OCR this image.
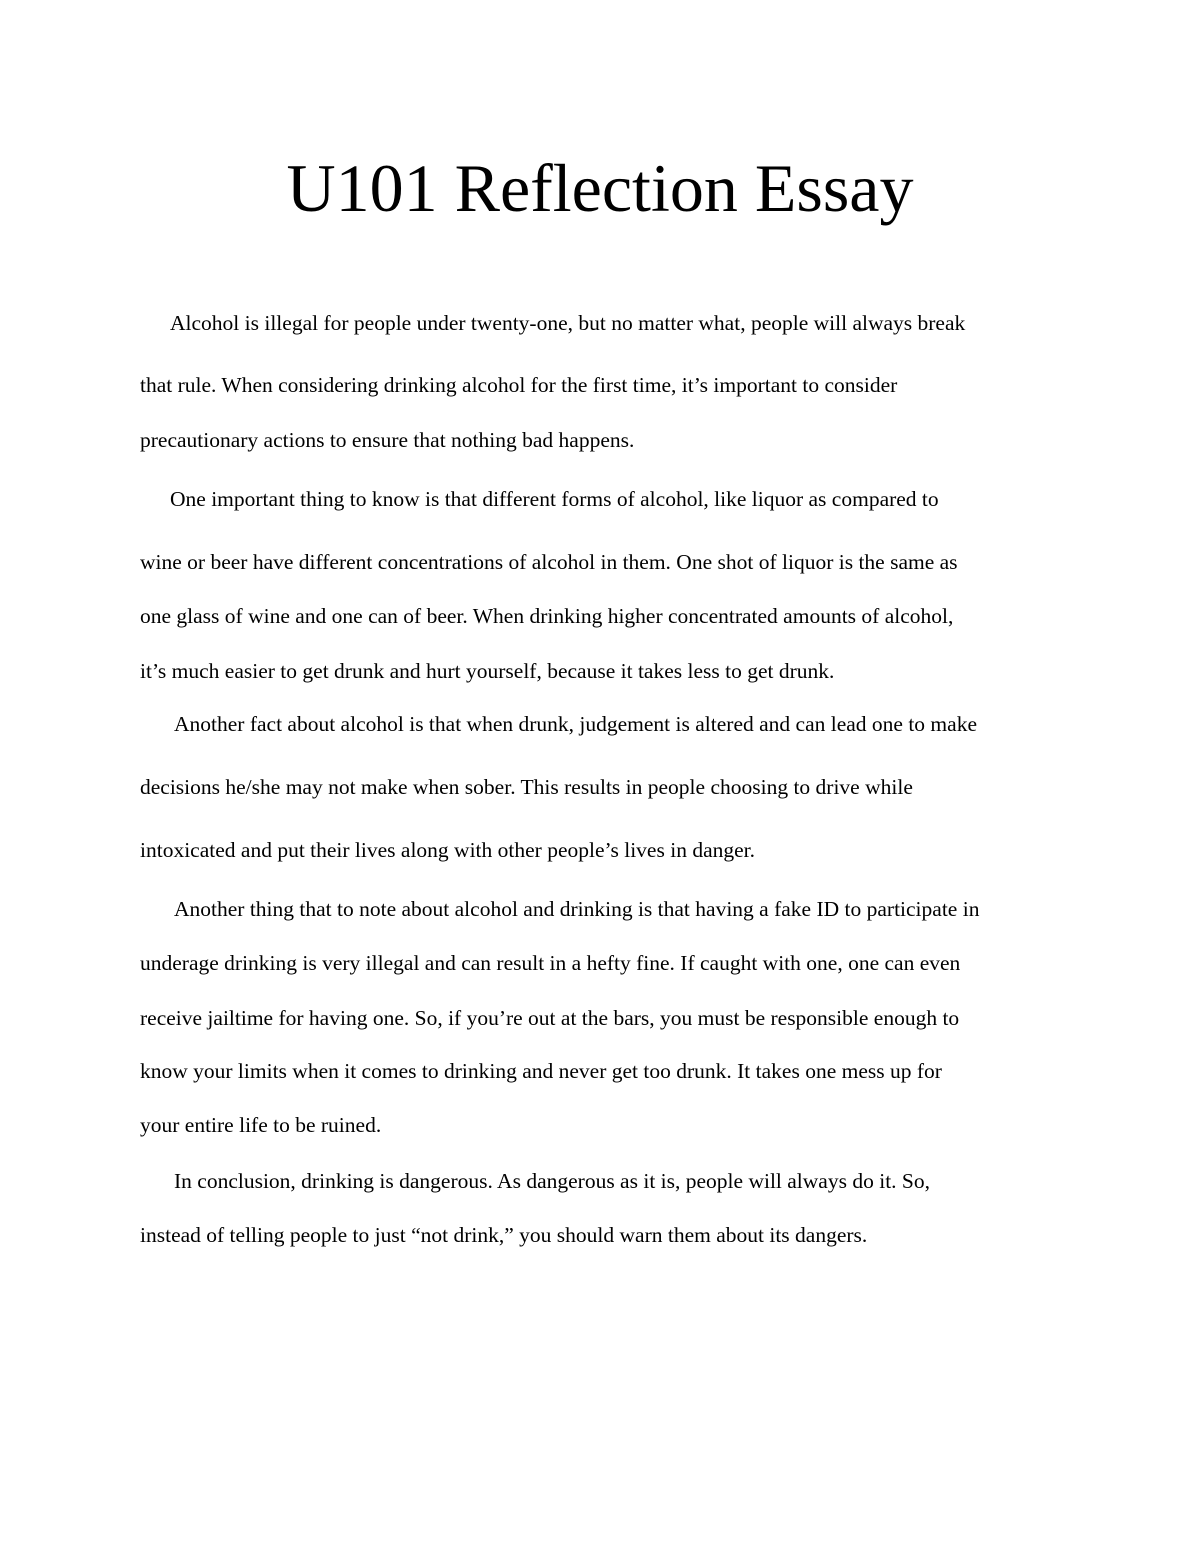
U101 Reflection Essay
Alcohol is illegal for people under twenty-one, but no matter what, people will always break
that rule. When considering drinking alcohol for the first time, it’s important to consider
precautionary actions to ensure that nothing bad happens.
One important thing to know is that different forms of alcohol, like liquor as compared to
wine or beer have different concentrations of alcohol in them. One shot of liquor is the same as
one glass of wine and one can of beer. When drinking higher concentrated amounts of alcohol,
it’s much easier to get drunk and hurt yourself, because it takes less to get drunk.
Another fact about alcohol is that when drunk, judgement is altered and can lead one to make
decisions he/she may not make when sober. This results in people choosing to drive while
intoxicated and put their lives along with other people’s lives in danger.
Another thing that to note about alcohol and drinking is that having a fake ID to participate in
underage drinking is very illegal and can result in a hefty fine. If caught with one, one can even
receive jailtime for having one. So, if you’re out at the bars, you must be responsible enough to
know your limits when it comes to drinking and never get too drunk. It takes one mess up for
your entire life to be ruined.
In conclusion, drinking is dangerous. As dangerous as it is, people will always do it. So,
instead of telling people to just “not drink,” you should warn them about its dangers.
